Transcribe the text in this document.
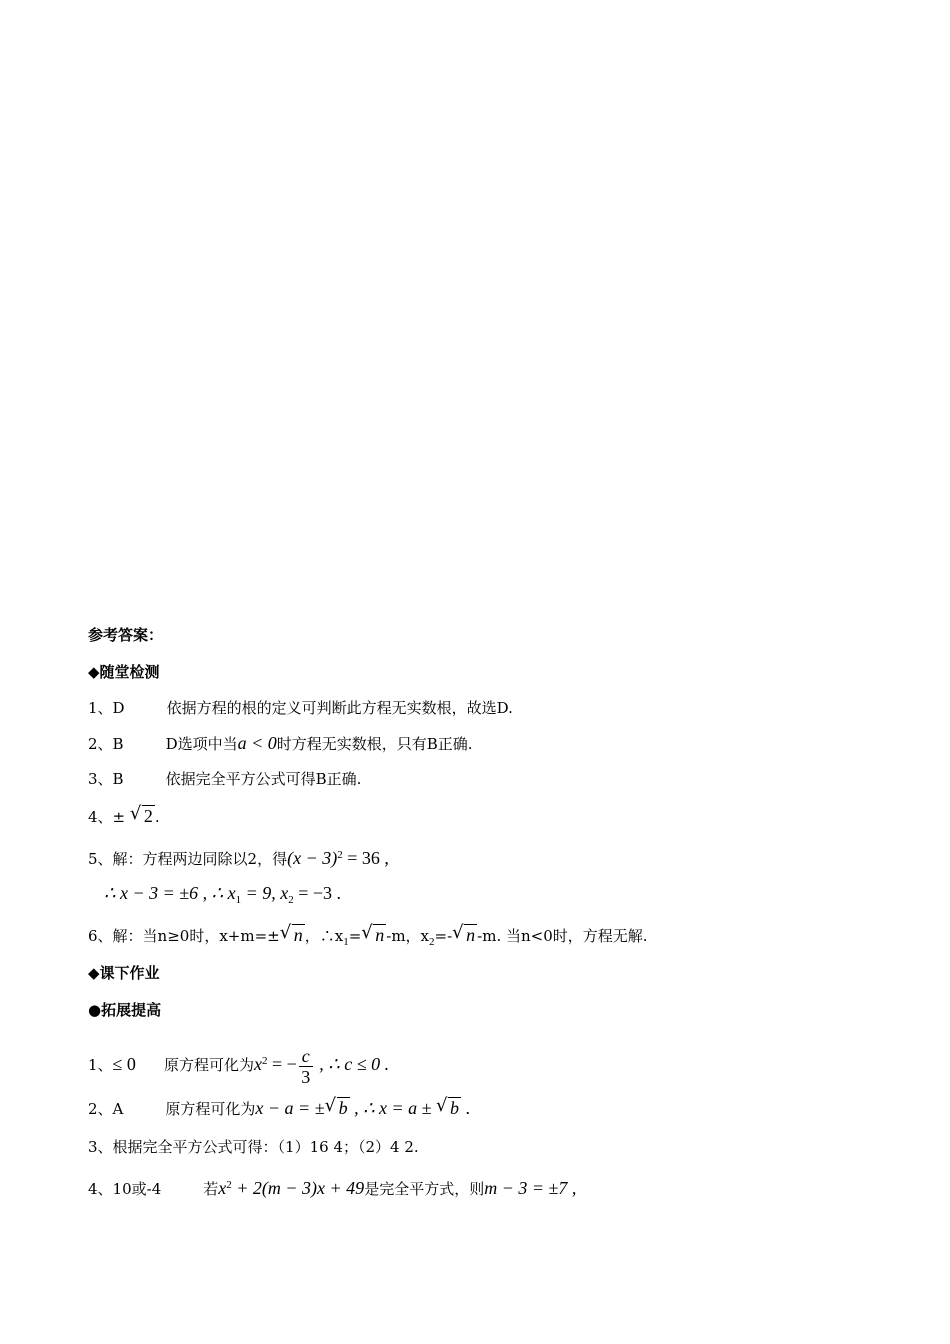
参考答案：
◆随堂检测
1、D	依据方程的根的定义可判断此方程无实数根，故选D.
2、B	D选项中当a < 0时方程无实数根，只有B正确.
3、B	依据完全平方公式可得B正确.
4、± √ 2 .
5、解：方程两边同除以2，得$(x - 3)^2 = 36$ ,
∴ x − 3 = ±6 , ∴ $x_1 = 9$, $x_2 = -3$ .
6、解：当n≥0时，x+m=±√ n ，$\therefore x_1=√$ n -m，$x_2=-√$ n -m. 当n<0时，方程无解.
◆课下作业
●拓展提高
1、≤ 0 原方程可化为$x^2$ = − $\frac{c}{3}$ , ∴ c ≤ 0 .
2、A	原方程可化为x − a = ±√ b , ∴ x = a ± √ b .
3、根据完全平方公式可得：（1）16 4；（2）4 2.
4、10或-4	若$x^2 + 2(m - 3)x + 49$是完全平方式，则m − 3 = ±7 ,
